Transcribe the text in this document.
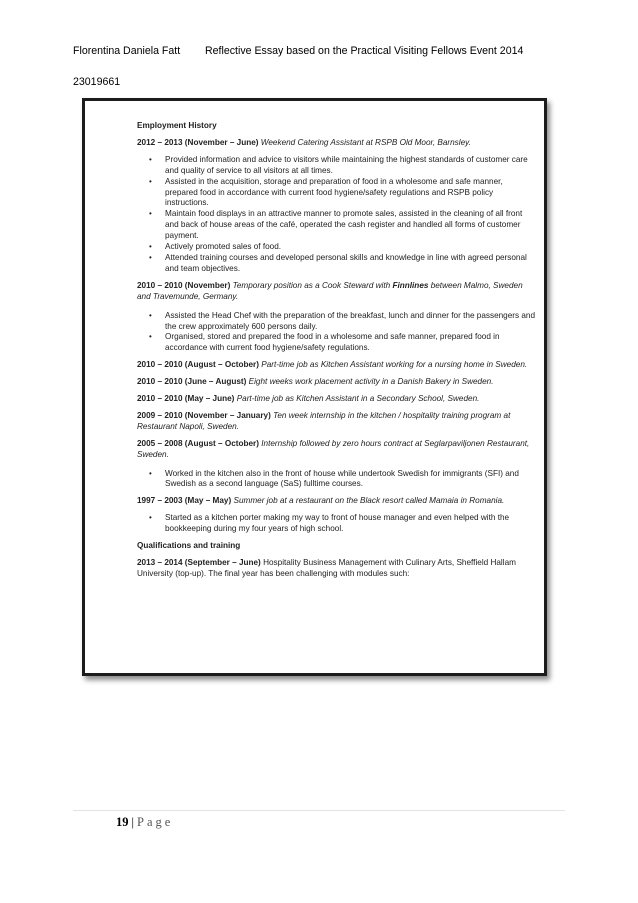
Florentina Daniela Fatt Reflective Essay based on the Practical Visiting Fellows Event 2014
23019661
Employment History
2012 – 2013 (November – June) Weekend Catering Assistant at RSPB Old Moor, Barnsley.
• Provided information and advice to visitors while maintaining the highest standards of customer care and quality of service to all visitors at all times.
• Assisted in the acquisition, storage and preparation of food in a wholesome and safe manner, prepared food in accordance with current food hygiene/safety regulations and RSPB policy instructions.
• Maintain food displays in an attractive manner to promote sales, assisted in the cleaning of all front and back of house areas of the café, operated the cash register and handled all forms of customer payment.
• Actively promoted sales of food.
• Attended training courses and developed personal skills and knowledge in line with agreed personal and team objectives.
2010 – 2010 (November) Temporary position as a Cook Steward with Finnlines between Malmo, Sweden and Travemunde, Germany.
• Assisted the Head Chef with the preparation of the breakfast, lunch and dinner for the passengers and the crew approximately 600 persons daily.
• Organised, stored and prepared the food in a wholesome and safe manner, prepared food in accordance with current food hygiene/safety regulations.
2010 – 2010 (August – October) Part-time job as Kitchen Assistant working for a nursing home in Sweden.
2010 – 2010 (June – August) Eight weeks work placement activity in a Danish Bakery in Sweden.
2010 – 2010 (May – June) Part-time job as Kitchen Assistant in a Secondary School, Sweden.
2009 – 2010 (November – January) Ten week internship in the kitchen / hospitality training program at Restaurant Napoli, Sweden.
2005 – 2008 (August – October) Internship followed by zero hours contract at Seglarpaviljonen Restaurant, Sweden.
• Worked in the kitchen also in the front of house while undertook Swedish for immigrants (SFI) and Swedish as a second language (SaS) fulltime courses.
1997 – 2003 (May – May) Summer job at a restaurant on the Black resort called Mamaia in Romania.
• Started as a kitchen porter making my way to front of house manager and even helped with the bookkeeping during my four years of high school.
Qualifications and training
2013 – 2014 (September – June) Hospitality Business Management with Culinary Arts, Sheffield Hallam University (top-up). The final year has been challenging with modules such:
19 | Page
